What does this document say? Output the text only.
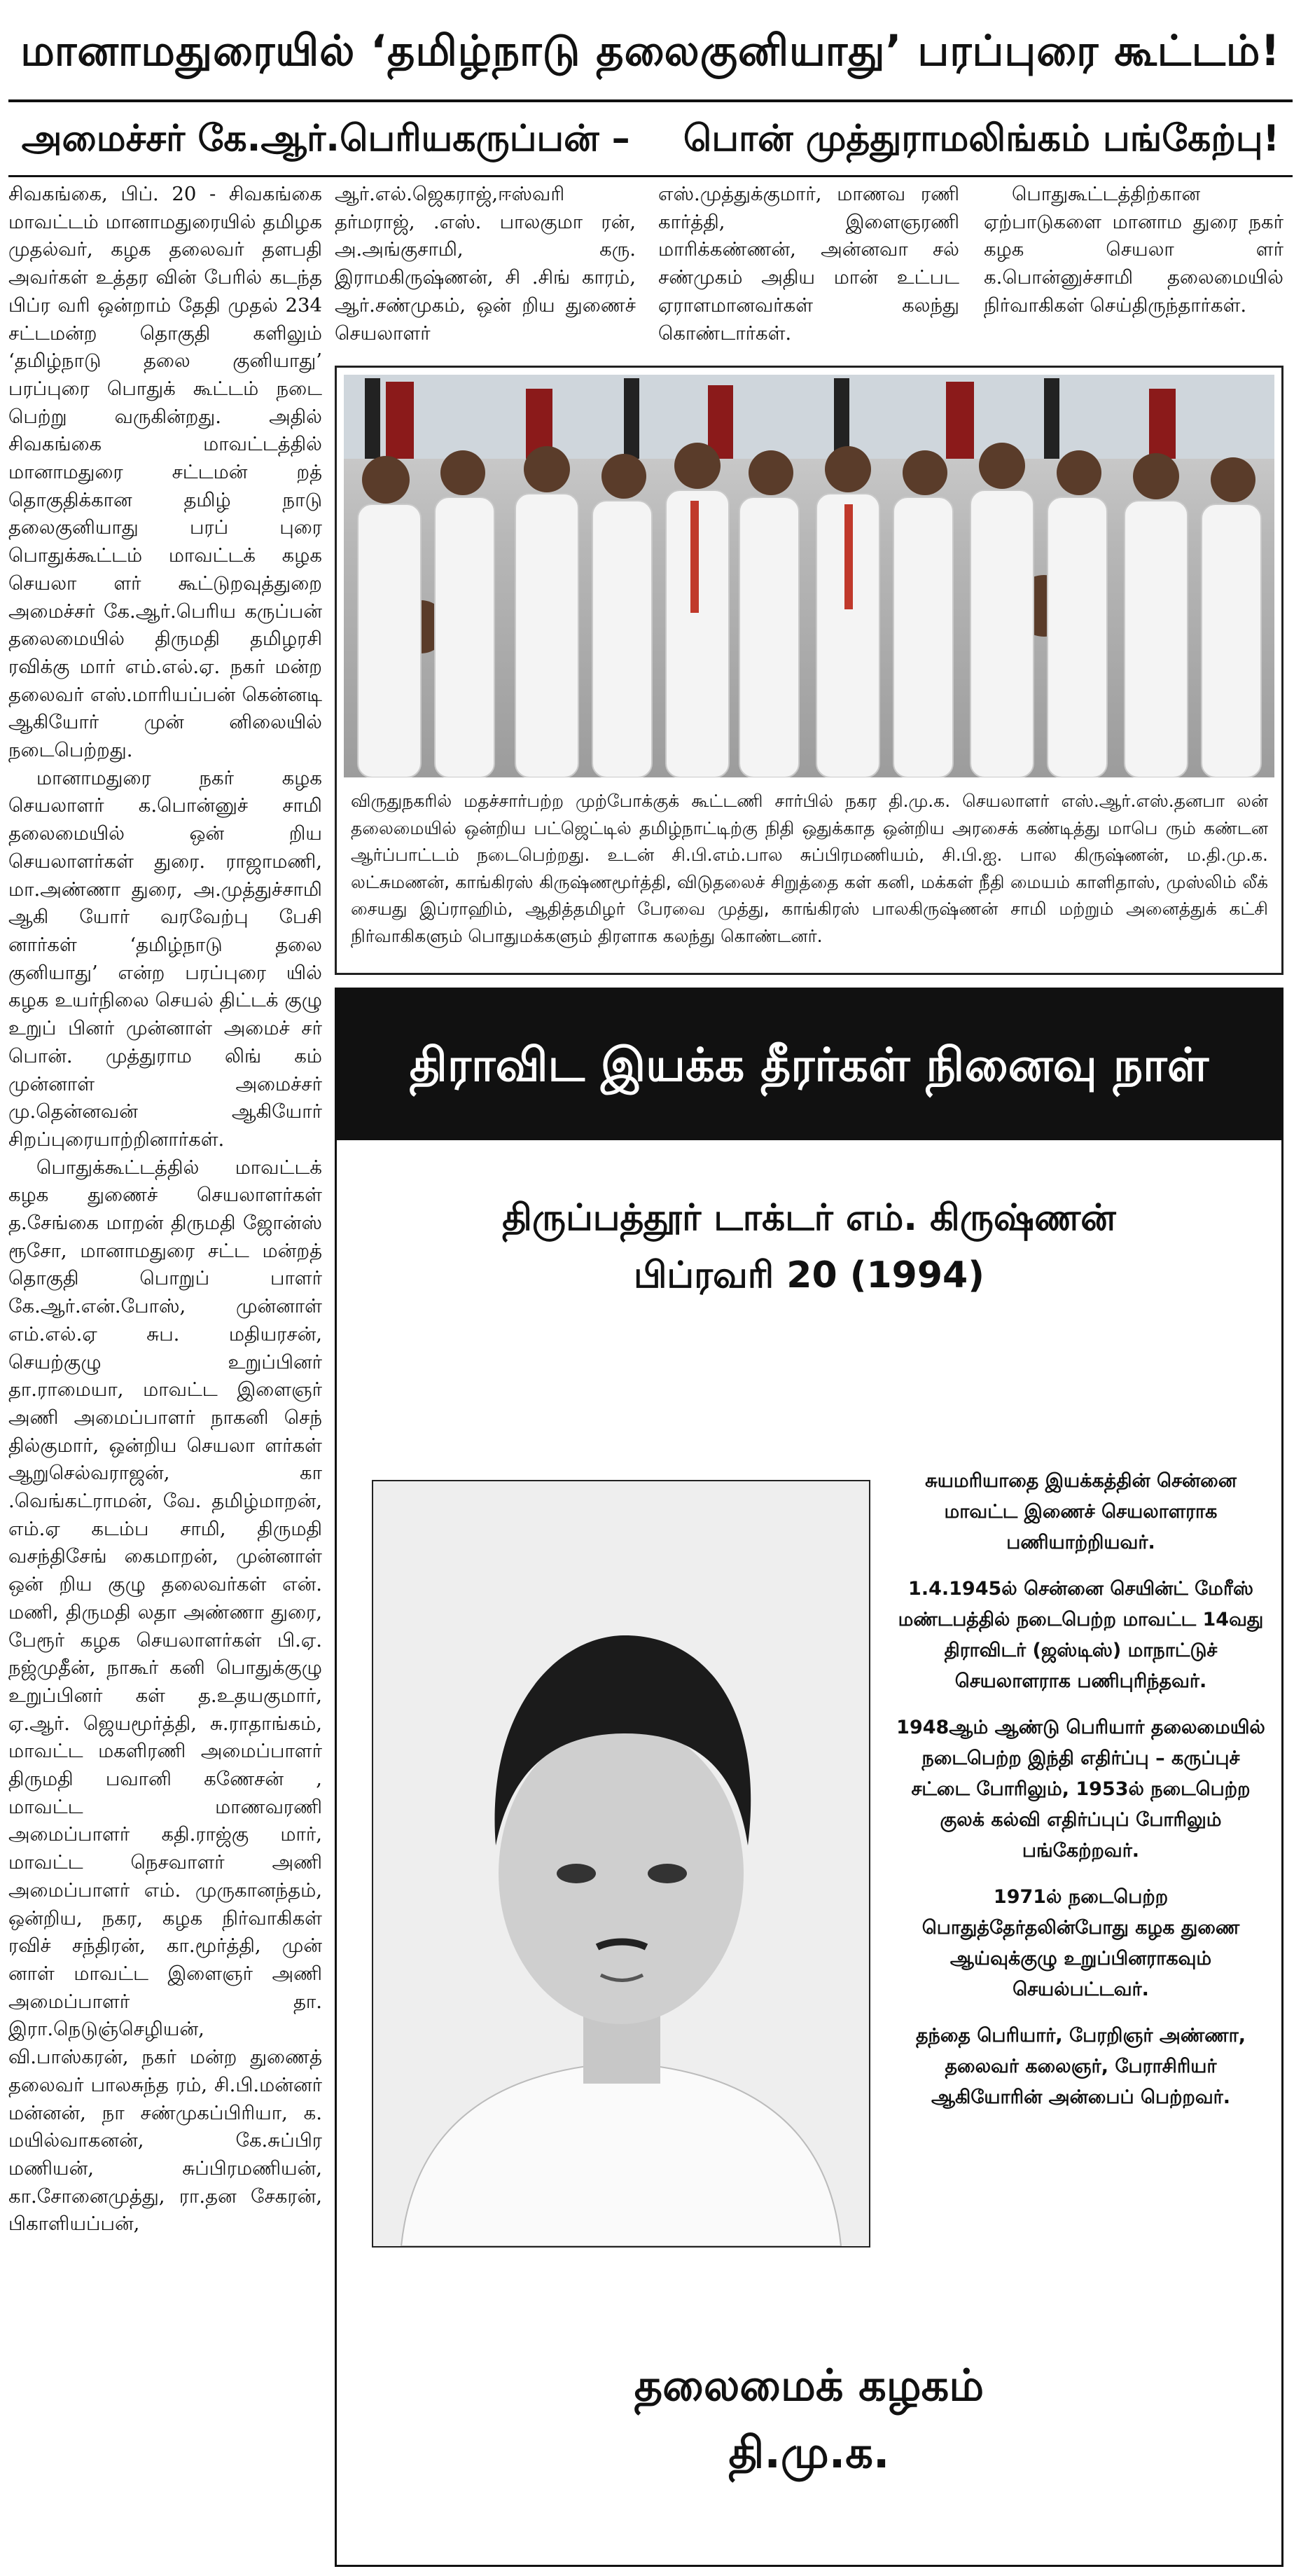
மானாமதுரையில் ‘தமிழ்நாடு தலைகுனியாது’ பரப்புரை கூட்டம்!
அமைச்சர் கே.ஆர்.பெரியகருப்பன் – பொன் முத்துராமலிங்கம் பங்கேற்பு!

சிவகங்கை, பிப். 20 - சிவகங்கை மாவட்டம் மானாமதுரையில் தமிழக முதல்வர், கழக தலைவர் தளபதி அவர்கள் உத்தர வின் பேரில் கடந்த பிப்ர வரி ஒன்றாம் தேதி முதல் 234 சட்டமன்ற தொகுதி களிலும் ‘தமிழ்நாடு தலை குனியாது’ பரப்புரை பொதுக் கூட்டம் நடை பெற்று வருகின்றது. அதில் சிவகங்கை மாவட்டத்தில் மானாமதுரை சட்டமன் றத் தொகுதிக்கான தமிழ் நாடு தலைகுனியாது பரப் புரை பொதுக்கூட்டம் மாவட்டக் கழக செயலா ளர் கூட்டுறவுத்துறை அமைச்சர் கே.ஆர்.பெரிய கருப்பன் தலைமையில் திருமதி தமிழரசி ரவிக்கு மார் எம்.எல்.ஏ. நகர் மன்ற தலைவர் எஸ்.மாரியப்பன் கென்னடி ஆகியோர் முன் னிலையில் நடைபெற்றது.

மானாமதுரை நகர் கழக செயலாளர் க.பொன்னுச் சாமி தலைமையில் ஒன் றிய செயலாளர்கள் துரை. ராஜாமணி, மா.அண்ணா துரை, அ.முத்துச்சாமி ஆகி யோர் வரவேற்பு பேசி னார்கள் ‘தமிழ்நாடு தலை குனியாது’ என்ற பரப்புரை யில் கழக உயர்நிலை செயல் திட்டக் குழு உறுப் பினர் முன்னாள் அமைச் சர் பொன். முத்துராம லிங் கம் முன்னாள் அமைச்சர் மு.தென்னவன் ஆகியோர் சிறப்புரையாற்றினார்கள்.

பொதுக்கூட்டத்தில் மாவட்டக் கழக துணைச் செயலாளர்கள் த.சேங்கை மாறன் திருமதி ஜோன்ஸ் ரூசோ, மானாமதுரை சட்ட மன்றத் தொகுதி பொறுப் பாளர் கே.ஆர்.என்.போஸ், முன்னாள் எம்.எல்.ஏ சுப. மதியரசன், செயற்குழு உறுப்பினர் தா.ராமையா, மாவட்ட இளைஞர் அணி அமைப்பாளர் நாகனி செந் தில்குமார், ஒன்றிய செயலா ளர்கள் ஆறுசெல்வராஜன், கா .வெங்கட்ராமன், வே. தமிழ்மாறன், எம்.ஏ கடம்ப சாமி, திருமதி வசந்திசேங் கைமாறன், முன்னாள் ஒன் றிய குழு தலைவர்கள் என். மணி, திருமதி லதா அண்ணா துரை, பேரூர் கழக செயலாளர்கள் பி.ஏ. நஜ்முதீன், நாகூர் கனி பொதுக்குழு உறுப்பினர் கள் த.உதயகுமார், ஏ.ஆர். ஜெயமூர்த்தி, சு.ராதாங்கம், மாவட்ட மகளிரணி அமைப்பாளர் திருமதி பவானி கணேசன் , மாவட்ட மாணவரணி அமைப்பாளர் கதி.ராஜ்கு மார், மாவட்ட நெசவாளர் அணி அமைப்பாளர் எம். முருகானந்தம், ஒன்றிய, நகர, கழக நிர்வாகிகள் ரவிச் சந்திரன், கா.மூர்த்தி, முன் னாள் மாவட்ட இளைஞர் அணி அமைப்பாளர் தா. இரா.நெடுஞ்செழியன், வி.பாஸ்கரன், நகர் மன்ற துணைத் தலைவர் பாலசுந்த ரம், சி.பி.மன்னர் மன்னன், நா சண்முகப்பிரியா, க. மயில்வாகனன், கே.சுப்பிர மணியன், சுப்பிரமணியன், கா.சோனைமுத்து, ரா.தன சேகரன், பிகாளியப்பன்,

ஆர்.எல்.ஜெகராஜ்,ஈஸ்வரி தர்மராஜ், .எஸ். பாலகுமா ரன், அ.அங்குசாமி, கரு. இராமகிருஷ்ணன், சி .சிங் காரம், ஆர்.சண்முகம், ஒன் றிய துணைச் செயலாளர்

எஸ்.முத்துக்குமார், மாணவ ரணி கார்த்தி, இளைஞரணி மாரிக்கண்ணன், அன்னவா சல் சண்முகம் அதிய மான் உட்பட ஏராளமானவர்கள் கலந்து கொண்டார்கள்.

பொதுகூட்டத்திற்கான ஏற்பாடுகளை மானாம துரை நகர் கழக செயலா ளர் க.பொன்னுச்சாமி தலைமையில் நிர்வாகிகள் செய்திருந்தார்கள்.

விருதுநகரில் மதச்சார்பற்ற முற்போக்குக் கூட்டணி சார்பில் நகர தி.மு.க. செயலாளர் எஸ்.ஆர்.எஸ்.தனபா லன் தலைமையில் ஒன்றிய பட்ஜெட்டில் தமிழ்நாட்டிற்கு நிதி ஒதுக்காத ஒன்றிய அரசைக் கண்டித்து மாபெ ரும் கண்டன ஆர்ப்பாட்டம் நடைபெற்றது. உடன் சி.பி.எம்.பால சுப்பிரமணியம், சி.பி.ஐ. பால கிருஷ்ணன், ம.தி.மு.க. லட்சுமணன், காங்கிரஸ் கிருஷ்ணமூர்த்தி, விடுதலைச் சிறுத்தை கள் கனி, மக்கள் நீதி மையம் காளிதாஸ், முஸ்லிம் லீக் சையது இப்ராஹிம், ஆதித்தமிழர் பேரவை முத்து, காங்கிரஸ் பாலகிருஷ்ணன் சாமி மற்றும் அனைத்துக் கட்சி நிர்வாகிகளும் பொதுமக்களும் திரளாக கலந்து கொண்டனர்.
திராவிட இயக்க தீரர்கள் நினைவு நாள்
திருப்பத்தூர் டாக்டர் எம். கிருஷ்ணன்
பிப்ரவரி 20 (1994)

சுயமரியாதை இயக்கத்தின் சென்னை மாவட்ட இணைச் செயலாளராக பணியாற்றியவர்.

1.4.1945ல் சென்னை செயின்ட் மேரீஸ் மண்டபத்தில் நடைபெற்ற மாவட்ட 14வது திராவிடர் (ஜஸ்டிஸ்) மாநாட்டுச் செயலாளராக பணிபுரிந்தவர்.

1948ஆம் ஆண்டு பெரியார் தலைமையில் நடைபெற்ற இந்தி எதிர்ப்பு – கருப்புச் சட்டை போரிலும், 1953ல் நடைபெற்ற குலக் கல்வி எதிர்ப்புப் போரிலும் பங்கேற்றவர்.

1971ல் நடைபெற்ற பொதுத்தேர்தலின்போது கழக துணை ஆய்வுக்குழு உறுப்பினராகவும் செயல்பட்டவர்.

தந்தை பெரியார், பேரறிஞர் அண்ணா, தலைவர் கலைஞர், பேராசிரியர் ஆகியோரின் அன்பைப் பெற்றவர்.

தலைமைக் கழகம்
தி.மு.க.
